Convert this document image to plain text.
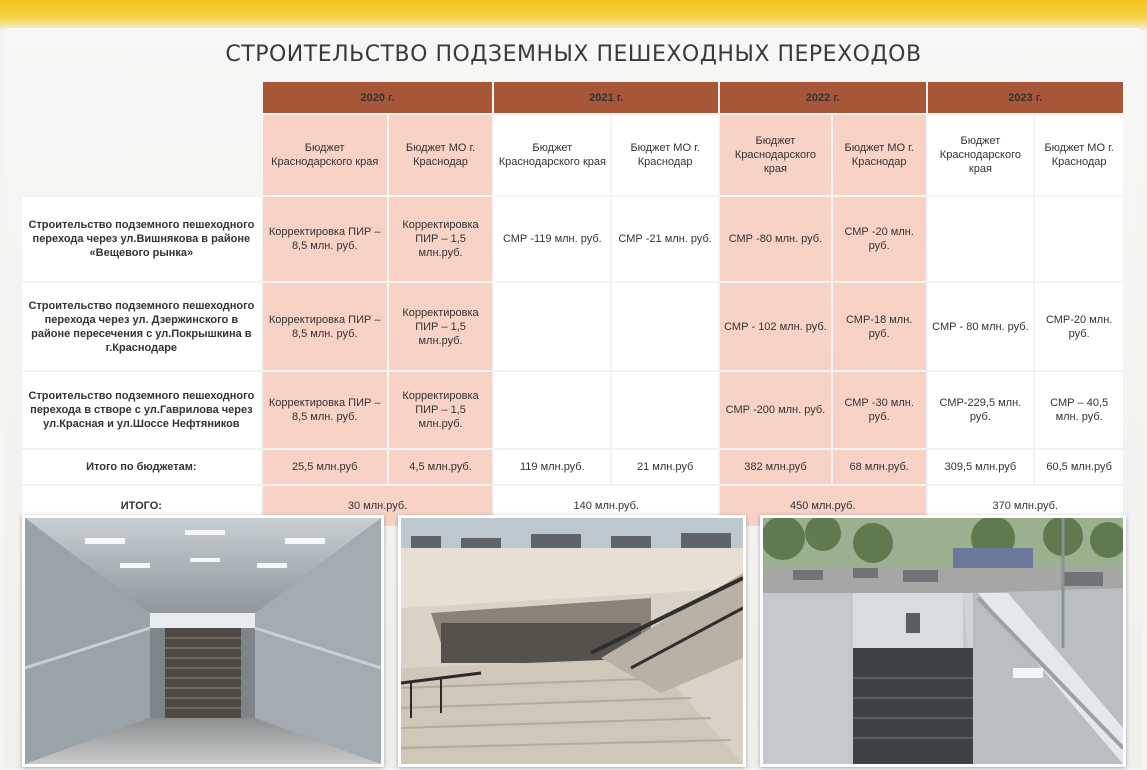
СТРОИТЕЛЬСТВО ПОДЗЕМНЫХ ПЕШЕХОДНЫХ ПЕРЕХОДОВ
	2020 г.		2021 г.		2022 г.		2023 г.	
	Бюджет Краснодарского края	Бюджет МО г. Краснодар	Бюджет Краснодарского края	Бюджет МО г. Краснодар	Бюджет Краснодарского края	Бюджет МО г. Краснодар	Бюджет Краснодарского края	Бюджет МО г. Краснодар
Строительство подземного пешеходного перехода через ул.Вишнякова в районе «Вещевого рынка»	Корректировка ПИР – 8,5 млн. руб.	Корректировка ПИР – 1,5 млн.руб.	СМР -119 млн. руб.	СМР -21 млн. руб.	СМР -80 млн. руб.	СМР -20 млн. руб.		
Строительство подземного пешеходного перехода через ул. Дзержинского в районе пересечения с ул.Покрышкина в г.Краснодаре	Корректировка ПИР – 8,5 млн. руб.	Корректировка ПИР – 1,5 млн.руб.			СМР - 102 млн. руб.	СМР-18 млн. руб.	СМР - 80 млн. руб.	СМР-20 млн. руб.
Строительство подземного пешеходного перехода в створе с ул.Гаврилова через ул.Красная и ул.Шоссе Нефтяников	Корректировка ПИР – 8,5 млн. руб.	Корректировка ПИР – 1,5 млн.руб.			СМР -200 млн. руб.	СМР -30 млн. руб.	СМР-229,5 млн. руб.	СМР – 40,5 млн. руб.
Итого по бюджетам:	25,5 млн.руб	4,5 млн.руб.	119 млн.руб.	21 млн.руб	382 млн.руб	68 млн.руб.	309,5 млн.руб	60,5 млн.руб
ИТОГО:	30 млн.руб.		140 млн.руб.		450 млн.руб.		370 млн.руб.	
